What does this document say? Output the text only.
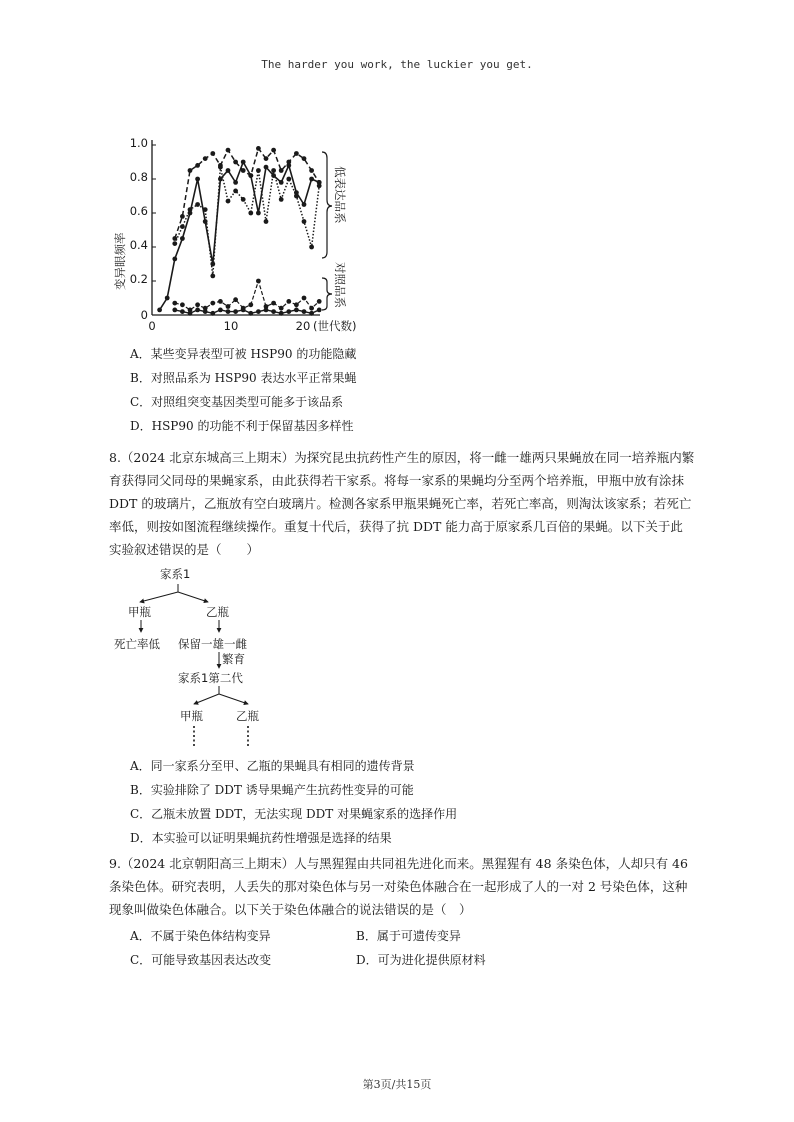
The harder you work, the luckier you get.
1.0
0.8
0.6
0.4
0.2
0
0	10	20 (世代数)
变异眼频率
低表达品系
对照品系
A．某些变异表型可被 HSP90 的功能隐藏
B．对照品系为 HSP90 表达水平正常果蝇
C．对照组突变基因类型可能多于该品系
D．HSP90 的功能不利于保留基因多样性
8.（2024 北京东城高三上期末）为探究昆虫抗药性产生的原因，将一雌一雄两只果蝇放在同一培养瓶内繁育获得同父同母的果蝇家系，由此获得若干家系。将每一家系的果蝇均分至两个培养瓶，甲瓶中放有涂抹 DDT 的玻璃片，乙瓶放有空白玻璃片。检测各家系甲瓶果蝇死亡率，若死亡率高，则淘汰该家系；若死亡率低，则按如图流程继续操作。重复十代后，获得了抗 DDT 能力高于原家系几百倍的果蝇。以下关于此实验叙述错误的是（　　）
家系1
甲瓶	乙瓶
死亡率低 保留一雄一雌
繁育
家系1第二代
甲瓶	乙瓶
A．同一家系分至甲、乙瓶的果蝇具有相同的遗传背景
B．实验排除了 DDT 诱导果蝇产生抗药性变异的可能
C．乙瓶未放置 DDT，无法实现 DDT 对果蝇家系的选择作用
D．本实验可以证明果蝇抗药性增强是选择的结果
9.（2024 北京朝阳高三上期末）人与黑猩猩由共同祖先进化而来。黑猩猩有 48 条染色体，人却只有 46 条染色体。研究表明，人丢失的那对染色体与另一对染色体融合在一起形成了人的一对 2 号染色体，这种现象叫做染色体融合。以下关于染色体融合的说法错误的是（　）
A．不属于染色体结构变异	B．属于可遗传变异
C．可能导致基因表达改变	D．可为进化提供原材料
第3页/共15页
